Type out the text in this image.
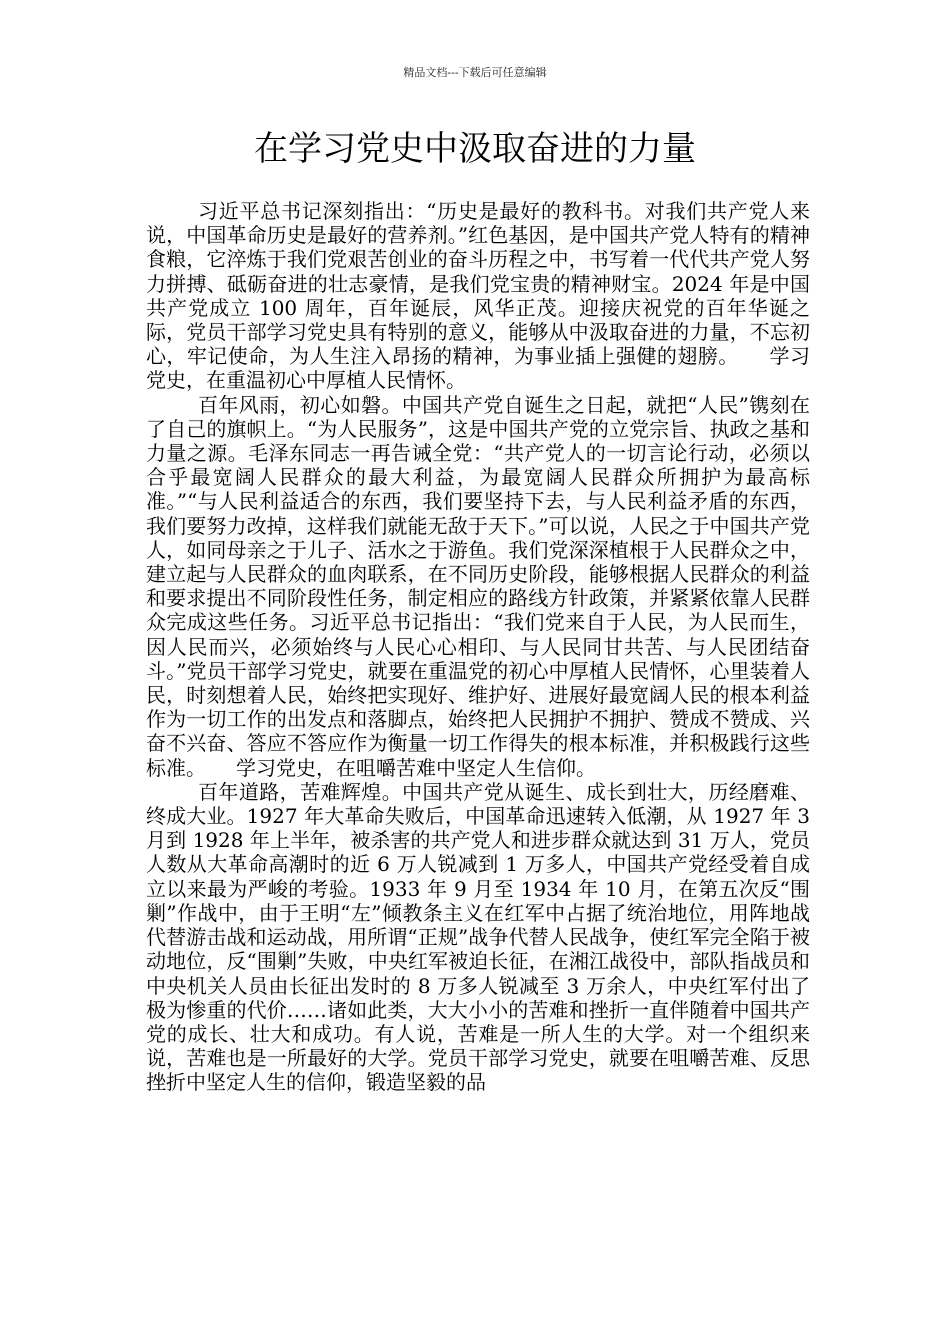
精品文档---下载后可任意编辑
在学习党史中汲取奋进的力量

习近平总书记深刻指出：“历史是最好的教科书。对我们共产党人来说，中国革命历史是最好的营养剂。”红色基因，是中国共产党人特有的精神食粮，它淬炼于我们党艰苦创业的奋斗历程之中，书写着一代代共产党人努力拼搏、砥砺奋进的壮志豪情，是我们党宝贵的精神财宝。2024 年是中国共产党成立 100 周年，百年诞辰，风华正茂。迎接庆祝党的百年华诞之际，党员干部学习党史具有特别的意义，能够从中汲取奋进的力量，不忘初心，牢记使命，为人生注入昂扬的精神，为事业插上强健的翅膀。　　学习党史，在重温初心中厚植人民情怀。

百年风雨，初心如磐。中国共产党自诞生之日起，就把“人民”镌刻在了自己的旗帜上。“为人民服务”，这是中国共产党的立党宗旨、执政之基和力量之源。毛泽东同志一再告诫全党：“共产党人的一切言论行动，必须以合乎最宽阔人民群众的最大利益，为最宽阔人民群众所拥护为最高标准。”“与人民利益适合的东西，我们要坚持下去，与人民利益矛盾的东西，我们要努力改掉，这样我们就能无敌于天下。”可以说，人民之于中国共产党人，如同母亲之于儿子、活水之于游鱼。我们党深深植根于人民群众之中，建立起与人民群众的血肉联系，在不同历史阶段，能够根据人民群众的利益和要求提出不同阶段性任务，制定相应的路线方针政策，并紧紧依靠人民群众完成这些任务。习近平总书记指出：“我们党来自于人民，为人民而生，因人民而兴，必须始终与人民心心相印、与人民同甘共苦、与人民团结奋斗。”党员干部学习党史，就要在重温党的初心中厚植人民情怀，心里装着人民，时刻想着人民，始终把实现好、维护好、进展好最宽阔人民的根本利益作为一切工作的出发点和落脚点，始终把人民拥护不拥护、赞成不赞成、兴奋不兴奋、答应不答应作为衡量一切工作得失的根本标准，并积极践行这些标准。　　学习党史，在咀嚼苦难中坚定人生信仰。

百年道路，苦难辉煌。中国共产党从诞生、成长到壮大，历经磨难、终成大业。1927 年大革命失败后，中国革命迅速转入低潮，从 1927 年 3 月到 1928 年上半年，被杀害的共产党人和进步群众就达到 31 万人，党员人数从大革命高潮时的近 6 万人锐减到 1 万多人，中国共产党经受着自成立以来最为严峻的考验。1933 年 9 月至 1934 年 10 月，在第五次反“围剿”作战中，由于王明“左”倾教条主义在红军中占据了统治地位，用阵地战代替游击战和运动战，用所谓“正规”战争代替人民战争，使红军完全陷于被动地位，反“围剿”失败，中央红军被迫长征，在湘江战役中，部队指战员和中央机关人员由长征出发时的 8 万多人锐减至 3 万余人，中央红军付出了极为惨重的代价……诸如此类，大大小小的苦难和挫折一直伴随着中国共产党的成长、壮大和成功。有人说，苦难是一所人生的大学。对一个组织来说，苦难也是一所最好的大学。党员干部学习党史，就要在咀嚼苦难、反思挫折中坚定人生的信仰，锻造坚毅的品
